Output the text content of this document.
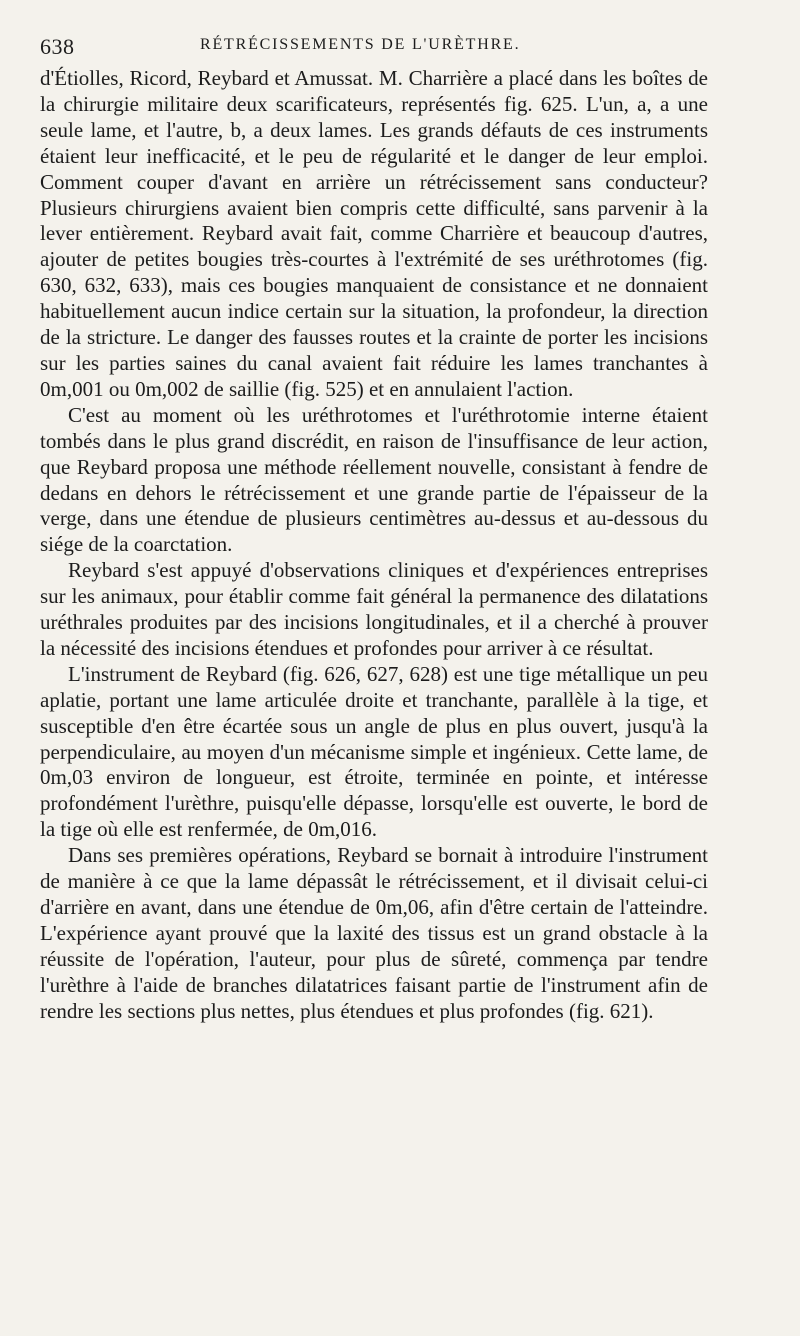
638	RÉTRÉCISSEMENTS DE L'URÈTHRE.

d'Étiolles, Ricord, Reybard et Amussat. M. Charrière a placé dans les boîtes de la chirurgie militaire deux scarificateurs, représentés fig. 625. L'un, a, a une seule lame, et l'autre, b, a deux lames. Les grands défauts de ces instruments étaient leur inefficacité, et le peu de régularité et le danger de leur emploi. Comment couper d'avant en arrière un rétrécissement sans conducteur? Plusieurs chirurgiens avaient bien compris cette difficulté, sans parvenir à la lever entièrement. Reybard avait fait, comme Charrière et beaucoup d'autres, ajouter de petites bougies très-courtes à l'extrémité de ses uréthrotomes (fig. 630, 632, 633), mais ces bougies manquaient de consistance et ne donnaient habituellement aucun indice certain sur la situation, la profondeur, la direction de la stricture. Le danger des fausses routes et la crainte de porter les incisions sur les parties saines du canal avaient fait réduire les lames tranchantes à 0m,001 ou 0m,002 de saillie (fig. 525) et en annulaient l'action.

C'est au moment où les uréthrotomes et l'uréthrotomie interne étaient tombés dans le plus grand discrédit, en raison de l'insuffisance de leur action, que Reybard proposa une méthode réellement nouvelle, consistant à fendre de dedans en dehors le rétrécissement et une grande partie de l'épaisseur de la verge, dans une étendue de plusieurs centimètres au-dessus et au-dessous du siége de la coarctation.

Reybard s'est appuyé d'observations cliniques et d'expériences entreprises sur les animaux, pour établir comme fait général la permanence des dilatations uréthrales produites par des incisions longitudinales, et il a cherché à prouver la nécessité des incisions étendues et profondes pour arriver à ce résultat.

L'instrument de Reybard (fig. 626, 627, 628) est une tige métallique un peu aplatie, portant une lame articulée droite et tranchante, parallèle à la tige, et susceptible d'en être écartée sous un angle de plus en plus ouvert, jusqu'à la perpendiculaire, au moyen d'un mécanisme simple et ingénieux. Cette lame, de 0m,03 environ de longueur, est étroite, terminée en pointe, et intéresse profondément l'urèthre, puisqu'elle dépasse, lorsqu'elle est ouverte, le bord de la tige où elle est renfermée, de 0m,016.

Dans ses premières opérations, Reybard se bornait à introduire l'instrument de manière à ce que la lame dépassât le rétrécissement, et il divisait celui-ci d'arrière en avant, dans une étendue de 0m,06, afin d'être certain de l'atteindre. L'expérience ayant prouvé que la laxité des tissus est un grand obstacle à la réussite de l'opération, l'auteur, pour plus de sûreté, commença par tendre l'urèthre à l'aide de branches dilatatrices faisant partie de l'instrument afin de rendre les sections plus nettes, plus étendues et plus profondes (fig. 621).
